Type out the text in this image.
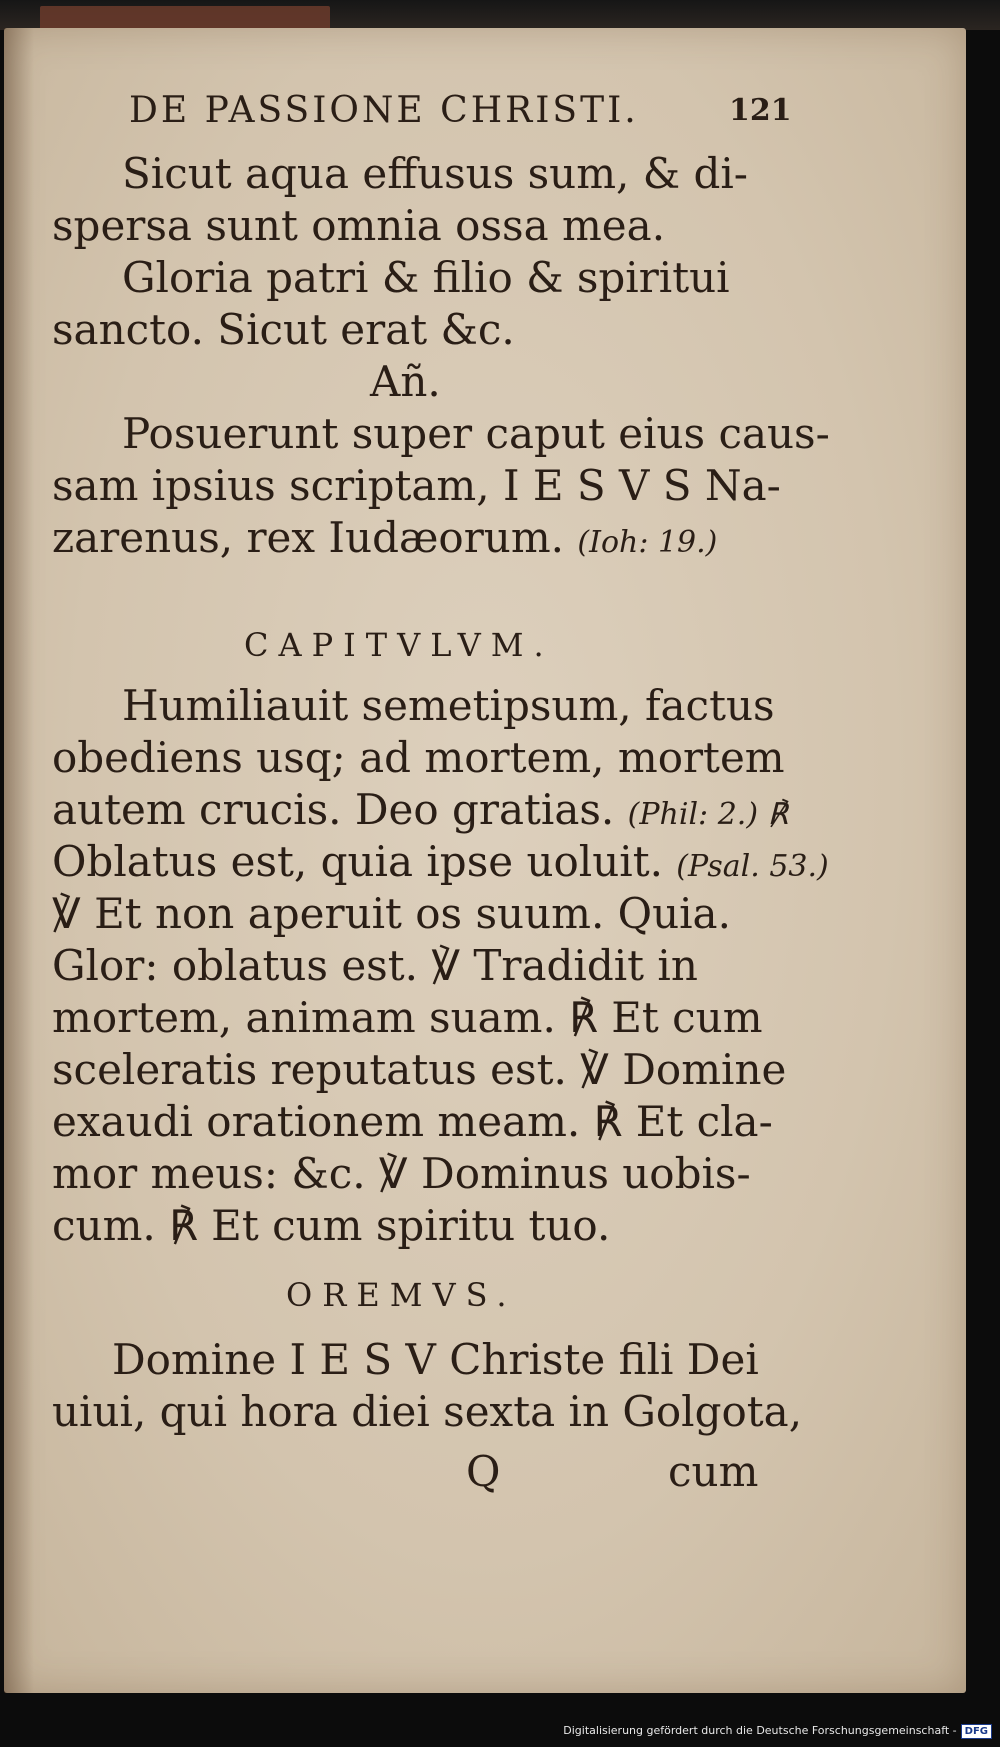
DE PASSIONE CHRISTI.	121
Sicut aqua effusus sum, & di-
spersa sunt omnia ossa mea.
Gloria patri & filio & spiritui
sancto. Sicut erat &c.
Añ.
Posuerunt super caput eius caus-
sam ipsius scriptam, I E S V S Na-
zarenus, rex Iudæorum. (Ioh: 19.)
CAPITVLVM.
Humiliauit semetipsum, factus
obediens usq; ad mortem, mortem
autem crucis. Deo gratias. (Phil: 2.) ℟
Oblatus est, quia ipse uoluit. (Psal. 53.)
℣ Et non aperuit os suum. Quia.
Glor: oblatus est. ℣ Tradidit in
mortem, animam suam. ℟ Et cum
sceleratis reputatus est. ℣ Domine
exaudi orationem meam. ℟ Et cla-
mor meus: &c. ℣ Dominus uobis-
cum. ℟ Et cum spiritu tuo.
OREMVS.
Domine I E S V Christe fili Dei
uiui, qui hora diei sexta in Golgota,
Q	cum
Digitalisierung gefördert durch die Deutsche Forschungsgemeinschaft - DFG
